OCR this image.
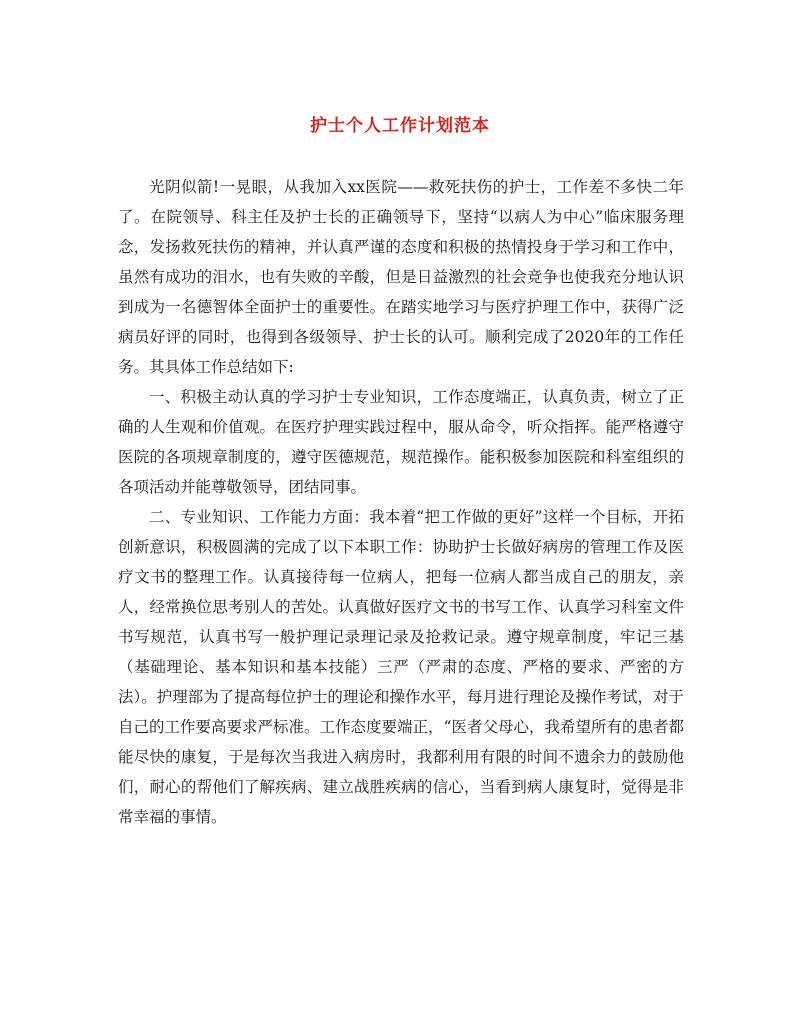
护士个人工作计划范本

光阴似箭!一晃眼，从我加入xx医院——救死扶伤的护士，工作差不多快二年了。在院领导、科主任及护士长的正确领导下，坚持“以病人为中心”临床服务理念，发扬救死扶伤的精神，并认真严谨的态度和积极的热情投身于学习和工作中，虽然有成功的泪水，也有失败的辛酸，但是日益激烈的社会竞争也使我充分地认识到成为一名德智体全面护士的重要性。在踏实地学习与医疗护理工作中，获得广泛病员好评的同时，也得到各级领导、护士长的认可。顺利完成了2020年的工作任务。其具体工作总结如下:

一、积极主动认真的学习护士专业知识，工作态度端正，认真负责，树立了正确的人生观和价值观。在医疗护理实践过程中，服从命令，听众指挥。能严格遵守医院的各项规章制度的，遵守医德规范，规范操作。能积极参加医院和科室组织的各项活动并能尊敬领导，团结同事。

二、专业知识、工作能力方面：我本着“把工作做的更好”这样一个目标，开拓创新意识，积极圆满的完成了以下本职工作：协助护士长做好病房的管理工作及医疗文书的整理工作。认真接待每一位病人，把每一位病人都当成自己的朋友，亲人，经常换位思考别人的苦处。认真做好医疗文书的书写工作、认真学习科室文件书写规范，认真书写一般护理记录理记录及抢救记录。遵守规章制度，牢记三基（基础理论、基本知识和基本技能）三严（严肃的态度、严格的要求、严密的方法）。护理部为了提高每位护士的理论和操作水平，每月进行理论及操作考试，对于自己的工作要高要求严标准。工作态度要端正，“医者父母心，我希望所有的患者都能尽快的康复，于是每次当我进入病房时，我都利用有限的时间不遗余力的鼓励他们，耐心的帮他们了解疾病、建立战胜疾病的信心，当看到病人康复时，觉得是非常幸福的事情。
